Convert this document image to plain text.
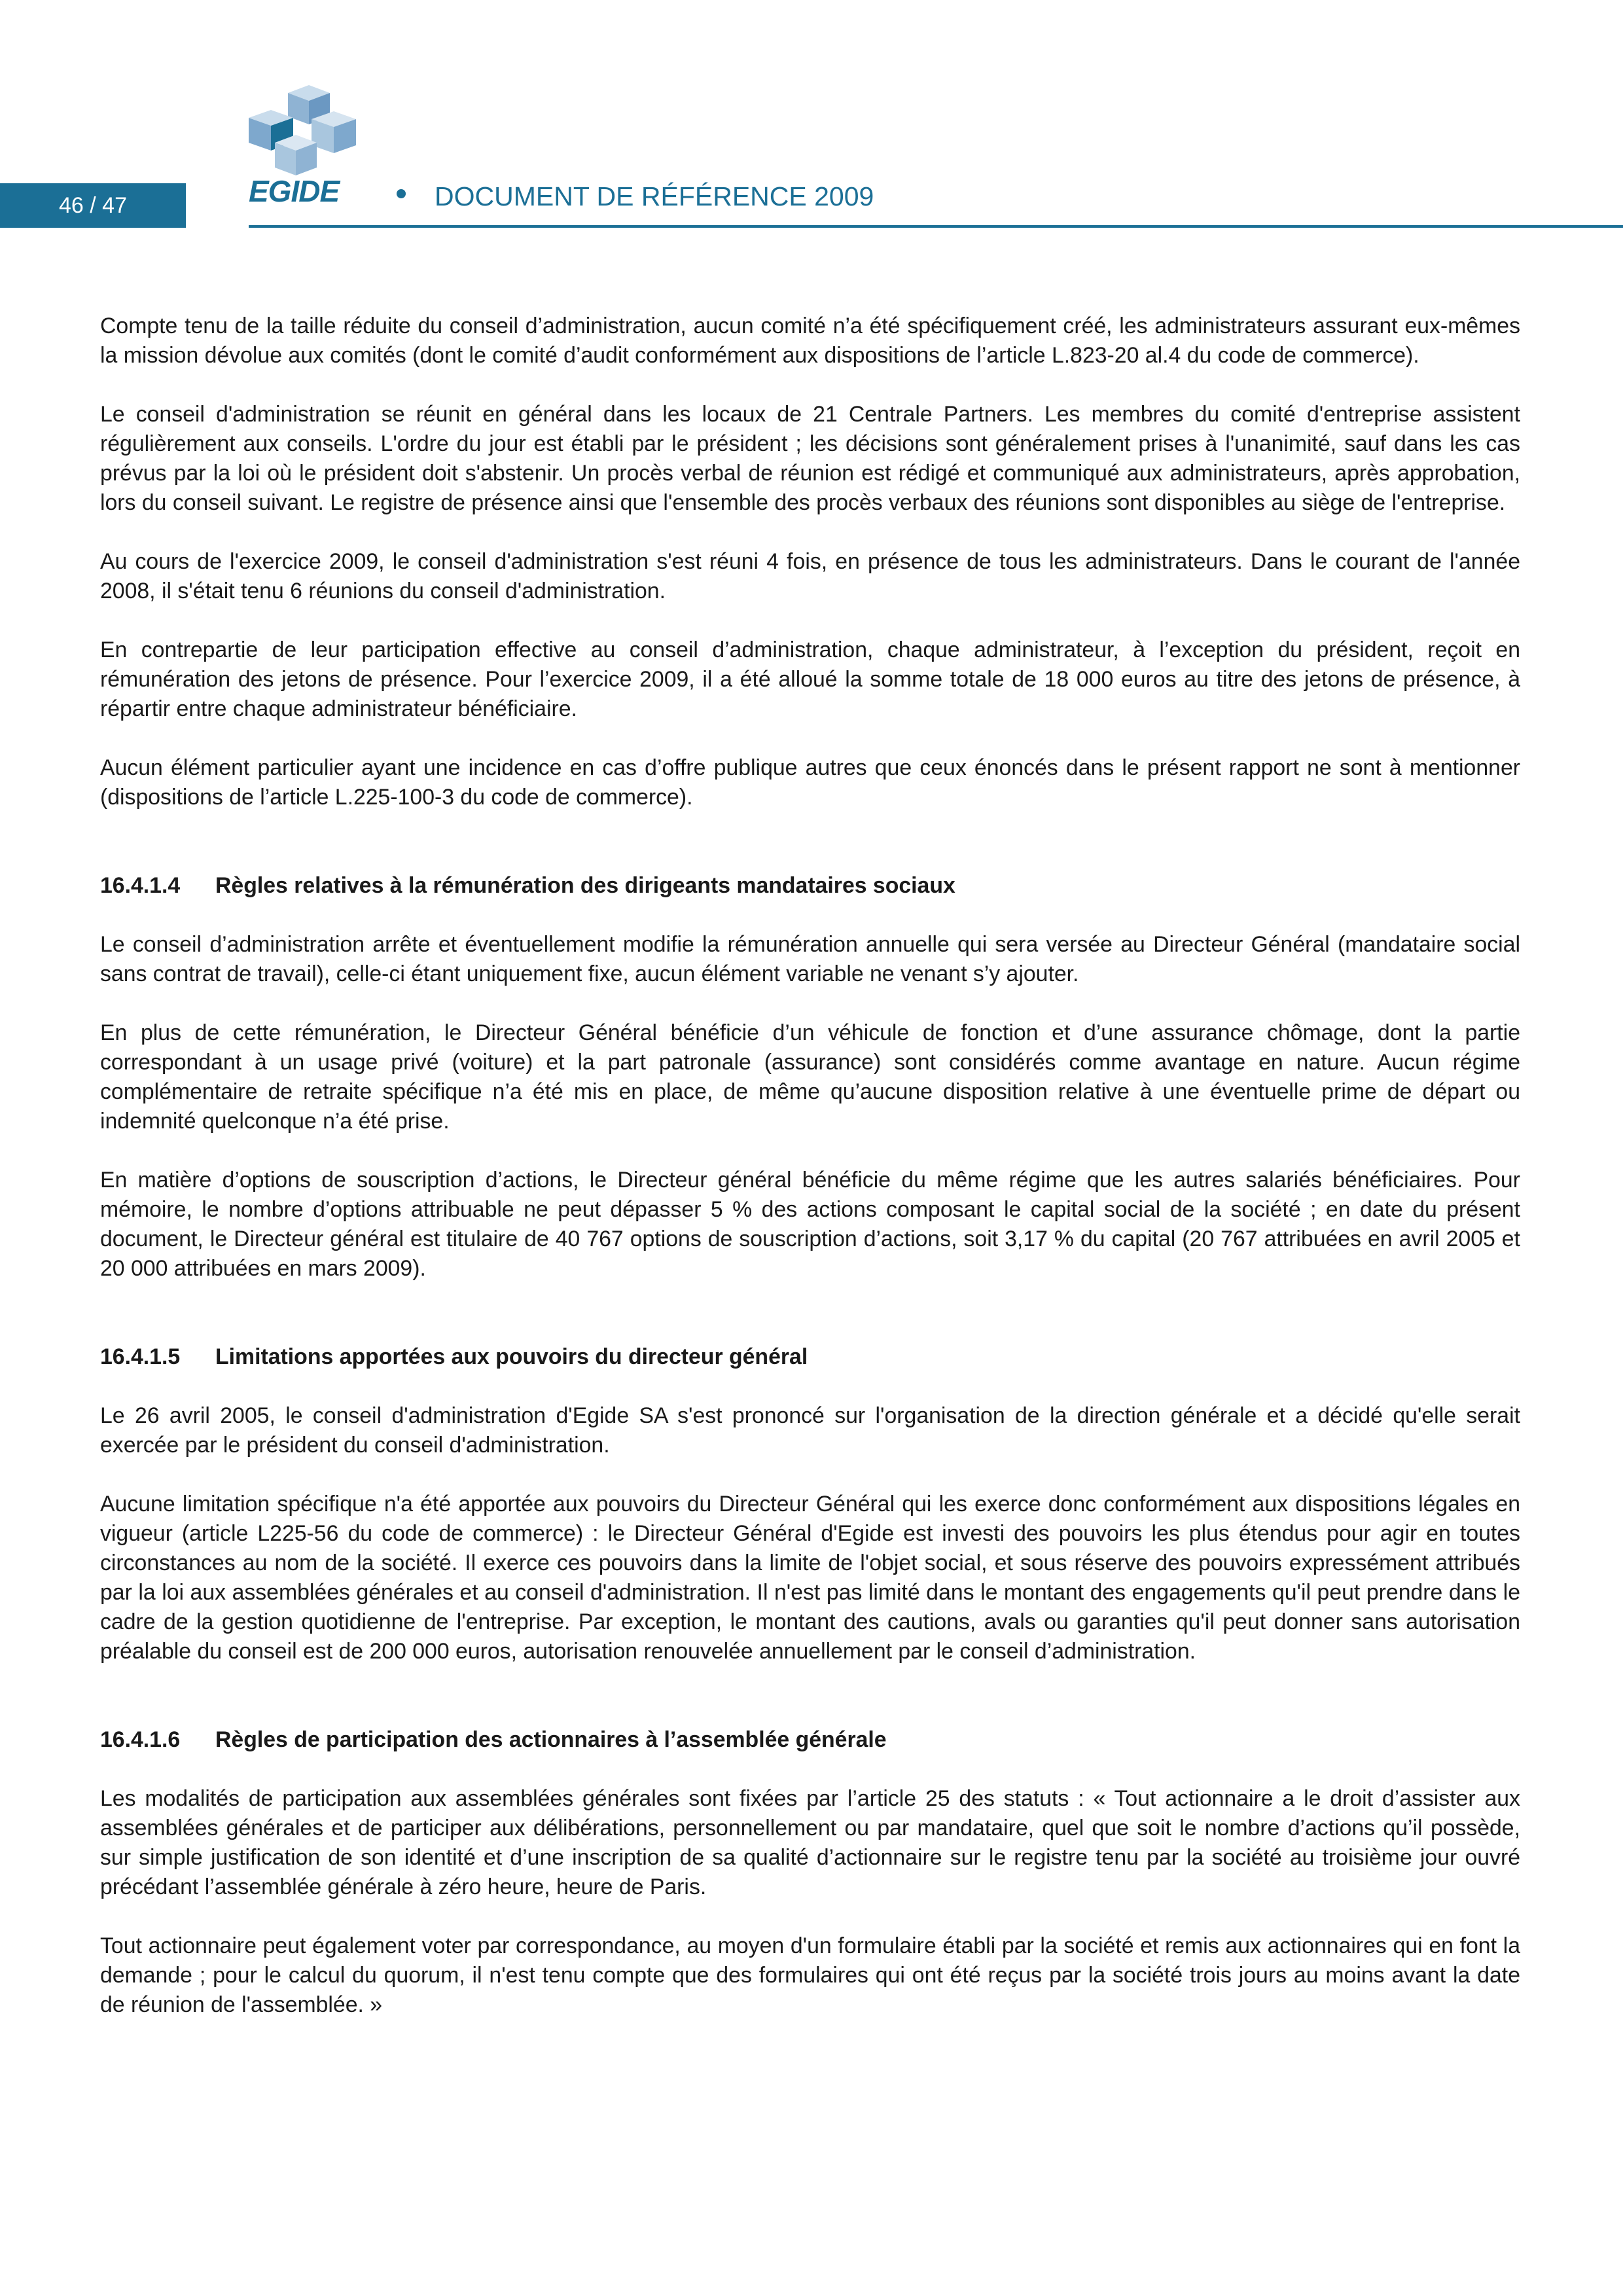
46 / 47	EGIDE	DOCUMENT DE RÉFÉRENCE 2009

Compte tenu de la taille réduite du conseil d’administration, aucun comité n’a été spécifiquement créé, les administrateurs assurant eux-mêmes la mission dévolue aux comités (dont le comité d’audit conformément aux dispositions de l’article L.823-20 al.4 du code de commerce).

Le conseil d'administration se réunit en général dans les locaux de 21 Centrale Partners. Les membres du comité d'entreprise assistent régulièrement aux conseils. L'ordre du jour est établi par le président ; les décisions sont généralement prises à l'unanimité, sauf dans les cas prévus par la loi où le président doit s'abstenir. Un procès verbal de réunion est rédigé et communiqué aux administrateurs, après approbation, lors du conseil suivant. Le registre de présence ainsi que l'ensemble des procès verbaux des réunions sont disponibles au siège de l'entreprise.

Au cours de l'exercice 2009, le conseil d'administration s'est réuni 4 fois, en présence de tous les administrateurs. Dans le courant de l'année 2008, il s'était tenu 6 réunions du conseil d'administration.

En contrepartie de leur participation effective au conseil d’administration, chaque administrateur, à l’exception du président, reçoit en rémunération des jetons de présence. Pour l’exercice 2009, il a été alloué la somme totale de 18 000 euros au titre des jetons de présence, à répartir entre chaque administrateur bénéficiaire.

Aucun élément particulier ayant une incidence en cas d’offre publique autres que ceux énoncés dans le présent rapport ne sont à mentionner (dispositions de l’article L.225-100-3 du code de commerce).

16.4.1.4 Règles relatives à la rémunération des dirigeants mandataires sociaux

Le conseil d’administration arrête et éventuellement modifie la rémunération annuelle qui sera versée au Directeur Général (mandataire social sans contrat de travail), celle-ci étant uniquement fixe, aucun élément variable ne venant s’y ajouter.

En plus de cette rémunération, le Directeur Général bénéficie d’un véhicule de fonction et d’une assurance chômage, dont la partie correspondant à un usage privé (voiture) et la part patronale (assurance) sont considérés comme avantage en nature. Aucun régime complémentaire de retraite spécifique n’a été mis en place, de même qu’aucune disposition relative à une éventuelle prime de départ ou indemnité quelconque n’a été prise.

En matière d’options de souscription d’actions, le Directeur général bénéficie du même régime que les autres salariés bénéficiaires. Pour mémoire, le nombre d’options attribuable ne peut dépasser 5 % des actions composant le capital social de la société ; en date du présent document, le Directeur général est titulaire de 40 767 options de souscription d’actions, soit 3,17 % du capital (20 767 attribuées en avril 2005 et 20 000 attribuées en mars 2009).

16.4.1.5 Limitations apportées aux pouvoirs du directeur général

Le 26 avril 2005, le conseil d'administration d'Egide SA s'est prononcé sur l'organisation de la direction générale et a décidé qu'elle serait exercée par le président du conseil d'administration.

Aucune limitation spécifique n'a été apportée aux pouvoirs du Directeur Général qui les exerce donc conformément aux dispositions légales en vigueur (article L225-56 du code de commerce) : le Directeur Général d'Egide est investi des pouvoirs les plus étendus pour agir en toutes circonstances au nom de la société. Il exerce ces pouvoirs dans la limite de l'objet social, et sous réserve des pouvoirs expressément attribués par la loi aux assemblées générales et au conseil d'administration. Il n'est pas limité dans le montant des engagements qu'il peut prendre dans le cadre de la gestion quotidienne de l'entreprise. Par exception, le montant des cautions, avals ou garanties qu'il peut donner sans autorisation préalable du conseil est de 200 000 euros, autorisation renouvelée annuellement par le conseil d’administration.

16.4.1.6 Règles de participation des actionnaires à l’assemblée générale

Les modalités de participation aux assemblées générales sont fixées par l’article 25 des statuts : « Tout actionnaire a le droit d’assister aux assemblées générales et de participer aux délibérations, personnellement ou par mandataire, quel que soit le nombre d’actions qu’il possède, sur simple justification de son identité et d’une inscription de sa qualité d’actionnaire sur le registre tenu par la société au troisième jour ouvré précédant l’assemblée générale à zéro heure, heure de Paris.

Tout actionnaire peut également voter par correspondance, au moyen d'un formulaire établi par la société et remis aux actionnaires qui en font la demande ; pour le calcul du quorum, il n'est tenu compte que des formulaires qui ont été reçus par la société trois jours au moins avant la date de réunion de l'assemblée. »
